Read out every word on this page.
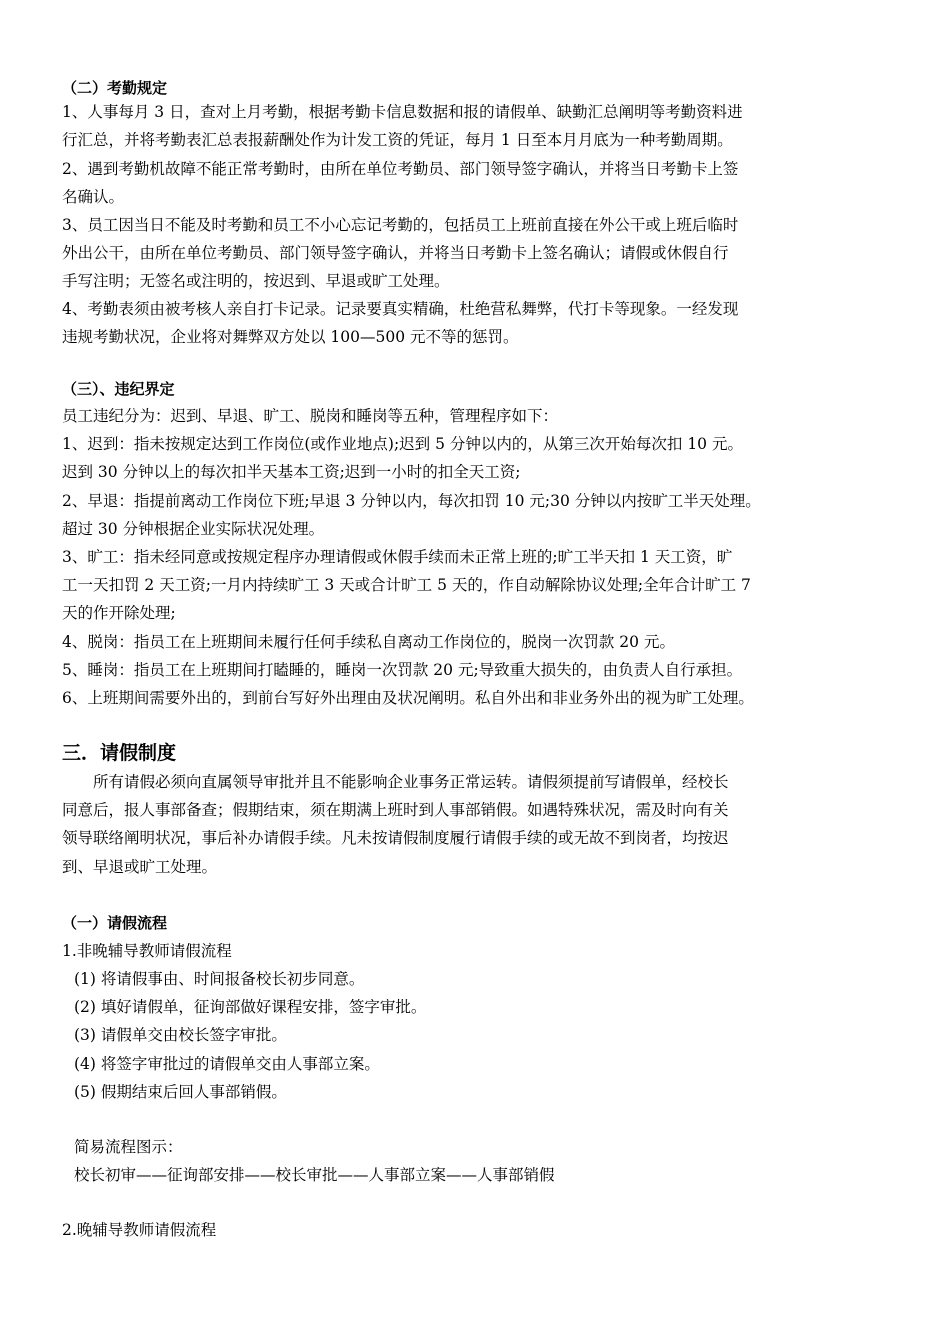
（二）考勤规定
1、人事每月 3 日，查对上月考勤，根据考勤卡信息数据和报的请假单、缺勤汇总阐明等考勤资料进
行汇总，并将考勤表汇总表报薪酬处作为计发工资的凭证，每月 1 日至本月月底为一种考勤周期。
2、遇到考勤机故障不能正常考勤时，由所在单位考勤员、部门领导签字确认，并将当日考勤卡上签
名确认。
3、员工因当日不能及时考勤和员工不小心忘记考勤的，包括员工上班前直接在外公干或上班后临时
外出公干，由所在单位考勤员、部门领导签字确认，并将当日考勤卡上签名确认；请假或休假自行
手写注明；无签名或注明的，按迟到、早退或旷工处理。
4、考勤表须由被考核人亲自打卡记录。记录要真实精确，杜绝营私舞弊，代打卡等现象。一经发现
违规考勤状况，企业将对舞弊双方处以 100—500 元不等的惩罚。
（三）、违纪界定
员工违纪分为：迟到、早退、旷工、脱岗和睡岗等五种，管理程序如下：
1、迟到：指未按规定达到工作岗位(或作业地点);迟到 5 分钟以内的，从第三次开始每次扣 10 元。
迟到 30 分钟以上的每次扣半天基本工资;迟到一小时的扣全天工资;
2、早退：指提前离动工作岗位下班;早退 3 分钟以内，每次扣罚 10 元;30 分钟以内按旷工半天处理。
超过 30 分钟根据企业实际状况处理。
3、旷工：指未经同意或按规定程序办理请假或休假手续而未正常上班的;旷工半天扣 1 天工资，旷
工一天扣罚 2 天工资;一月内持续旷工 3 天或合计旷工 5 天的，作自动解除协议处理;全年合计旷工 7
天的作开除处理;
4、脱岗：指员工在上班期间未履行任何手续私自离动工作岗位的，脱岗一次罚款 20 元。
5、睡岗：指员工在上班期间打瞌睡的，睡岗一次罚款 20 元;导致重大损失的，由负责人自行承担。
6、上班期间需要外出的，到前台写好外出理由及状况阐明。私自外出和非业务外出的视为旷工处理。
三．请假制度
所有请假必须向直属领导审批并且不能影响企业事务正常运转。请假须提前写请假单，经校长
同意后，报人事部备查；假期结束，须在期满上班时到人事部销假。如遇特殊状况，需及时向有关
领导联络阐明状况，事后补办请假手续。凡未按请假制度履行请假手续的或无故不到岗者，均按迟
到、早退或旷工处理。
（一）请假流程
1.非晚辅导教师请假流程
(1) 将请假事由、时间报备校长初步同意。
(2) 填好请假单，征询部做好课程安排，签字审批。
(3) 请假单交由校长签字审批。
(4) 将签字审批过的请假单交由人事部立案。
(5) 假期结束后回人事部销假。
简易流程图示：
校长初审——征询部安排——校长审批——人事部立案——人事部销假
2.晚辅导教师请假流程
